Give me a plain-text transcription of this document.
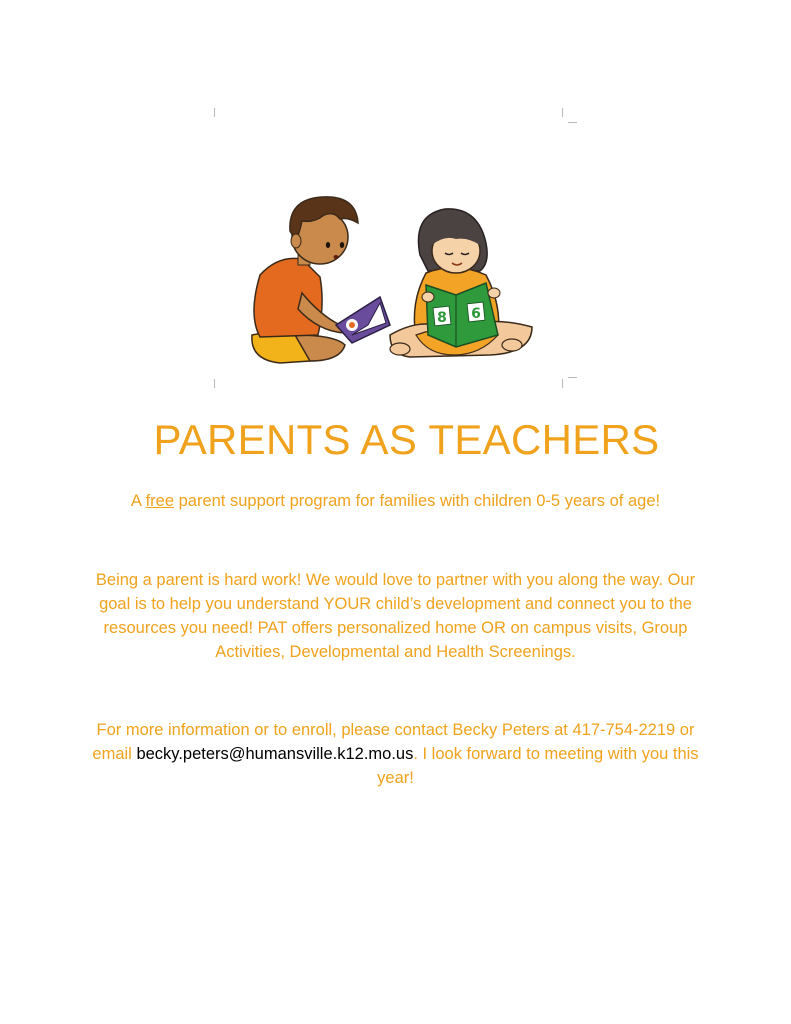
8 6
PARENTS AS TEACHERS

A free parent support program for families with children 0-5 years of age!

Being a parent is hard work! We would love to partner with you along the way. Our goal is to help you understand YOUR child’s development and connect you to the resources you need! PAT offers personalized home OR on campus visits, Group Activities, Developmental and Health Screenings.

For more information or to enroll, please contact Becky Peters at 417-754-2219 or email becky.peters@humansville.k12.mo.us. I look forward to meeting with you this year!
